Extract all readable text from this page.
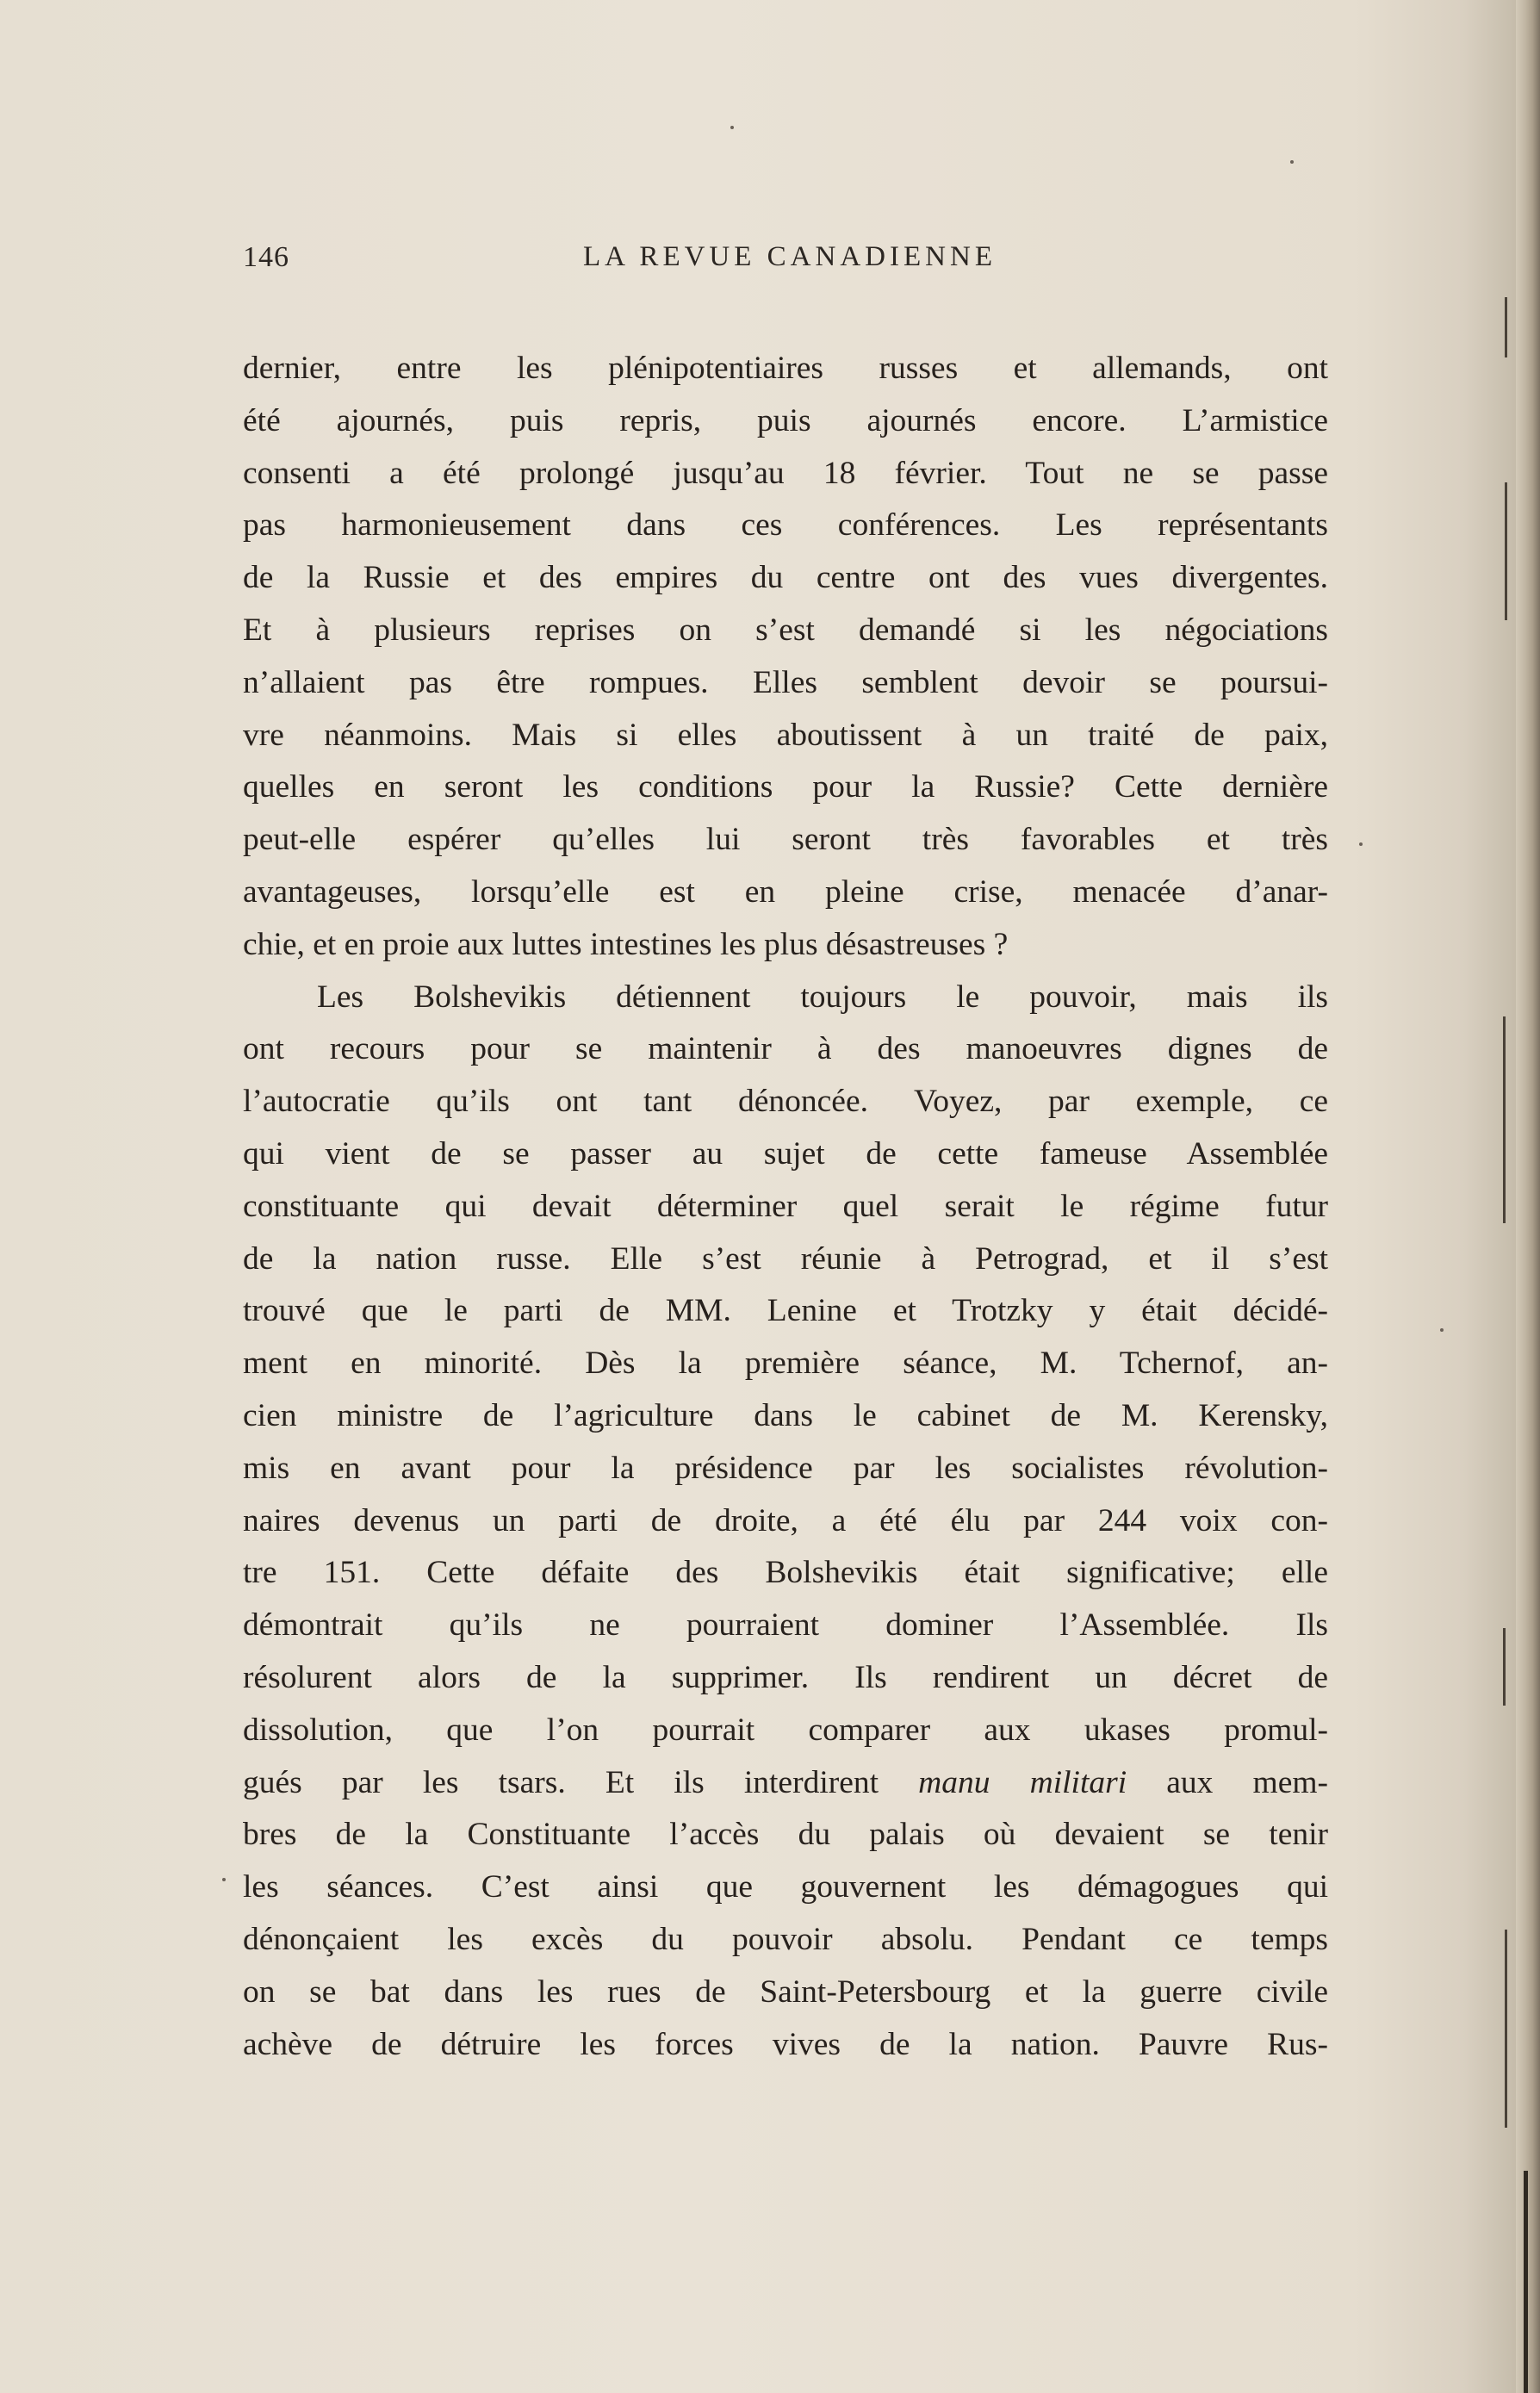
146	LA REVUE CANADIENNE
dernier, entre les plénipotentiaires russes et allemands, ont
été ajournés, puis repris, puis ajournés encore. L’armistice
consenti a été prolongé jusqu’au 18 février. Tout ne se passe
pas harmonieusement dans ces conférences. Les représentants
de la Russie et des empires du centre ont des vues divergentes.
Et à plusieurs reprises on s’est demandé si les négociations
n’allaient pas être rompues. Elles semblent devoir se poursui-
vre néanmoins. Mais si elles aboutissent à un traité de paix,
quelles en seront les conditions pour la Russie? Cette dernière
peut-elle espérer qu’elles lui seront très favorables et très
avantageuses, lorsqu’elle est en pleine crise, menacée d’anar-
chie, et en proie aux luttes intestines les plus désastreuses ?
Les Bolshevikis détiennent toujours le pouvoir, mais ils
ont recours pour se maintenir à des manoeuvres dignes de
l’autocratie qu’ils ont tant dénoncée. Voyez, par exemple, ce
qui vient de se passer au sujet de cette fameuse Assemblée
constituante qui devait déterminer quel serait le régime futur
de la nation russe. Elle s’est réunie à Petrograd, et il s’est
trouvé que le parti de MM. Lenine et Trotzky y était décidé-
ment en minorité. Dès la première séance, M. Tchernof, an-
cien ministre de l’agriculture dans le cabinet de M. Kerensky,
mis en avant pour la présidence par les socialistes révolution-
naires devenus un parti de droite, a été élu par 244 voix con-
tre 151. Cette défaite des Bolshevikis était significative; elle
démontrait qu’ils ne pourraient dominer l’Assemblée. Ils
résolurent alors de la supprimer. Ils rendirent un décret de
dissolution, que l’on pourrait comparer aux ukases promul-
gués par les tsars. Et ils interdirent manu militari aux mem-
bres de la Constituante l’accès du palais où devaient se tenir
les séances. C’est ainsi que gouvernent les démagogues qui
dénonçaient les excès du pouvoir absolu. Pendant ce temps
on se bat dans les rues de Saint-Petersbourg et la guerre civile
achève de détruire les forces vives de la nation. Pauvre Rus-
